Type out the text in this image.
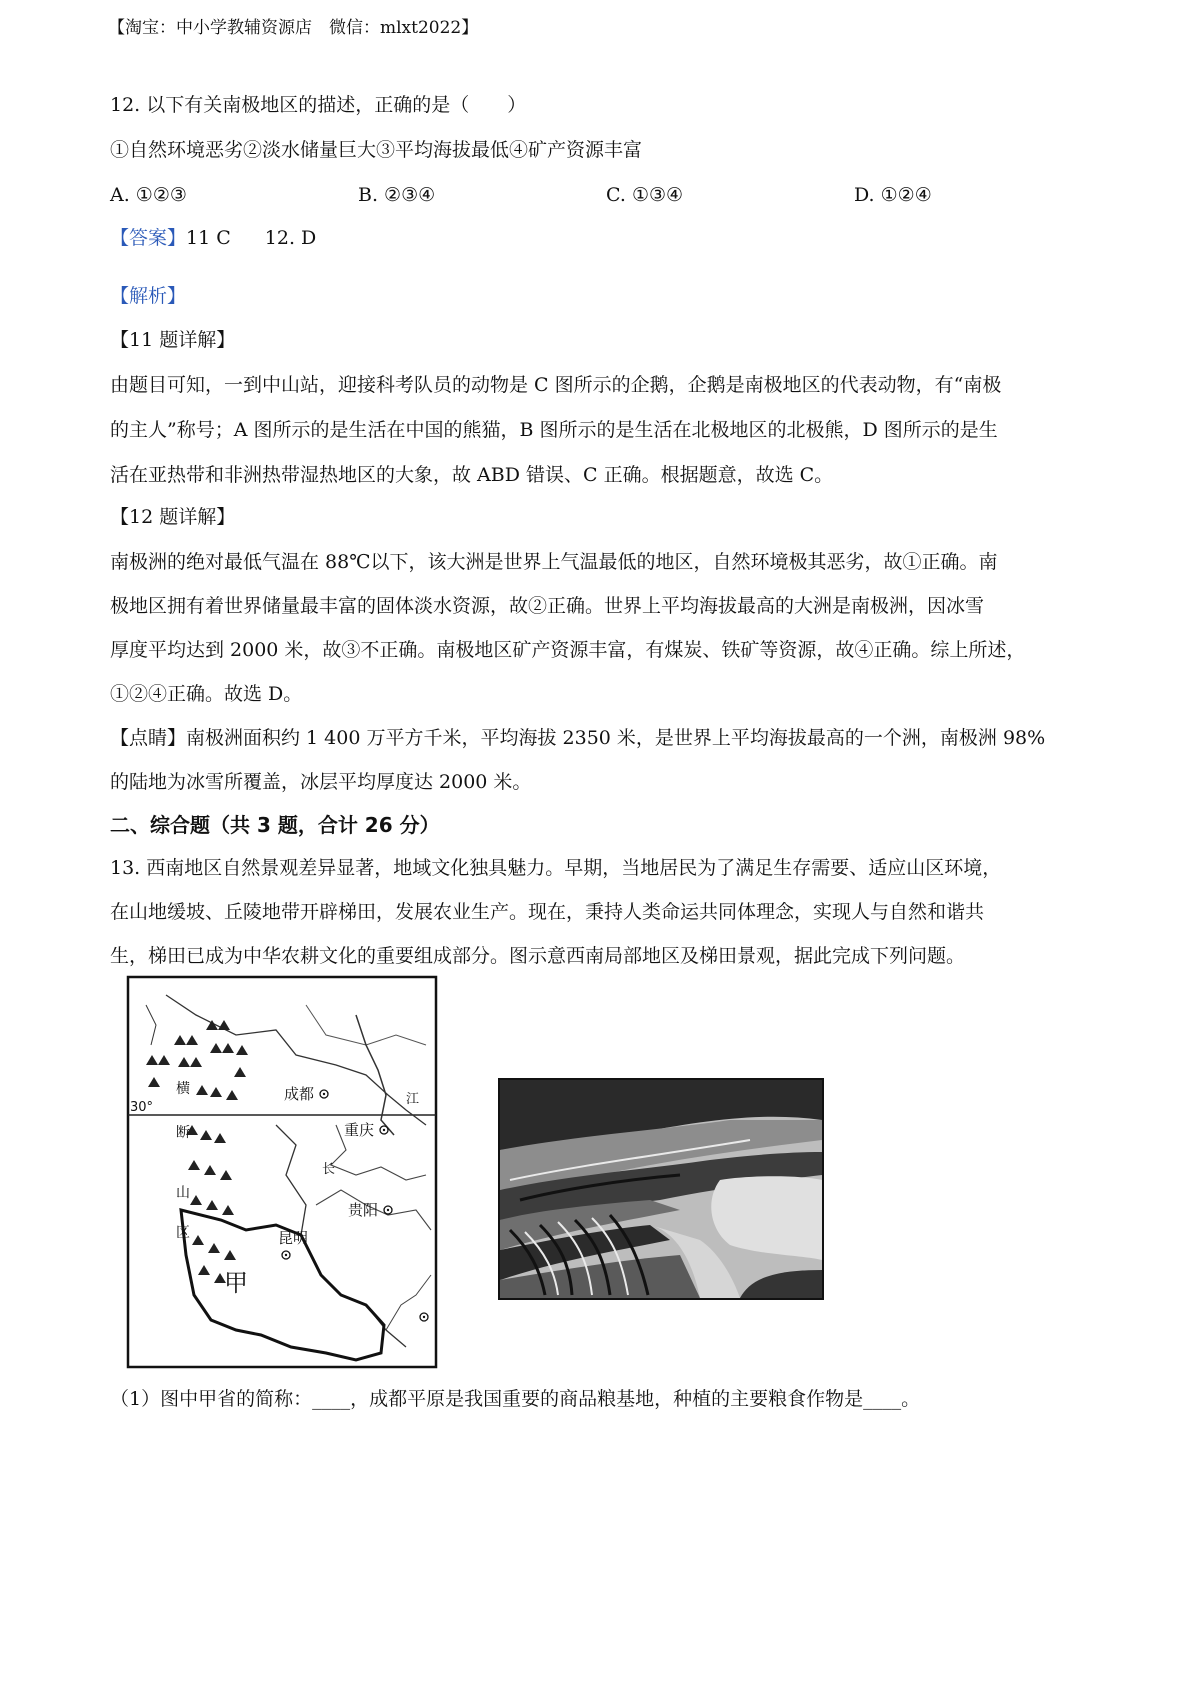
【淘宝：中小学教辅资源店　微信：mlxt2022】
12. 以下有关南极地区的描述，正确的是（　　）
①自然环境恶劣②淡水储量巨大③平均海拔最低④矿产资源丰富
A. ①②③	B. ②③④	C. ①③④	D. ①②④
【答案】11 C 12. D
【解析】
【11 题详解】
由题目可知，一到中山站，迎接科考队员的动物是 C 图所示的企鹅，企鹅是南极地区的代表动物，有“南极
的主人”称号；A 图所示的是生活在中国的熊猫，B 图所示的是生活在北极地区的北极熊，D 图所示的是生
活在亚热带和非洲热带湿热地区的大象，故 ABD 错误、C 正确。根据题意，故选 C。
【12 题详解】
南极洲的绝对最低气温在 88℃以下，该大洲是世界上气温最低的地区，自然环境极其恶劣，故①正确。南
极地区拥有着世界储量最丰富的固体淡水资源，故②正确。世界上平均海拔最高的大洲是南极洲，因冰雪
厚度平均达到 2000 米，故③不正确。南极地区矿产资源丰富，有煤炭、铁矿等资源，故④正确。综上所述，
①②④正确。故选 D。
【点睛】南极洲面积约 1 400 万平方千米，平均海拔 2350 米，是世界上平均海拔最高的一个洲，南极洲 98%
的陆地为冰雪所覆盖，冰层平均厚度达 2000 米。
二、综合题（共 3 题，合计 26 分）
13. 西南地区自然景观差异显著，地域文化独具魅力。早期，当地居民为了满足生存需要、适应山区环境，
在山地缓坡、丘陵地带开辟梯田，发展农业生产。现在，秉持人类命运共同体理念，实现人与自然和谐共
生，梯田已成为中华农耕文化的重要组成部分。图示意西南局部地区及梯田景观，据此完成下列问题。
30°
横
断
山
区
成都
重庆
江
长
贵阳
昆明
甲
（1）图中甲省的简称：____，成都平原是我国重要的商品粮基地，种植的主要粮食作物是____。
